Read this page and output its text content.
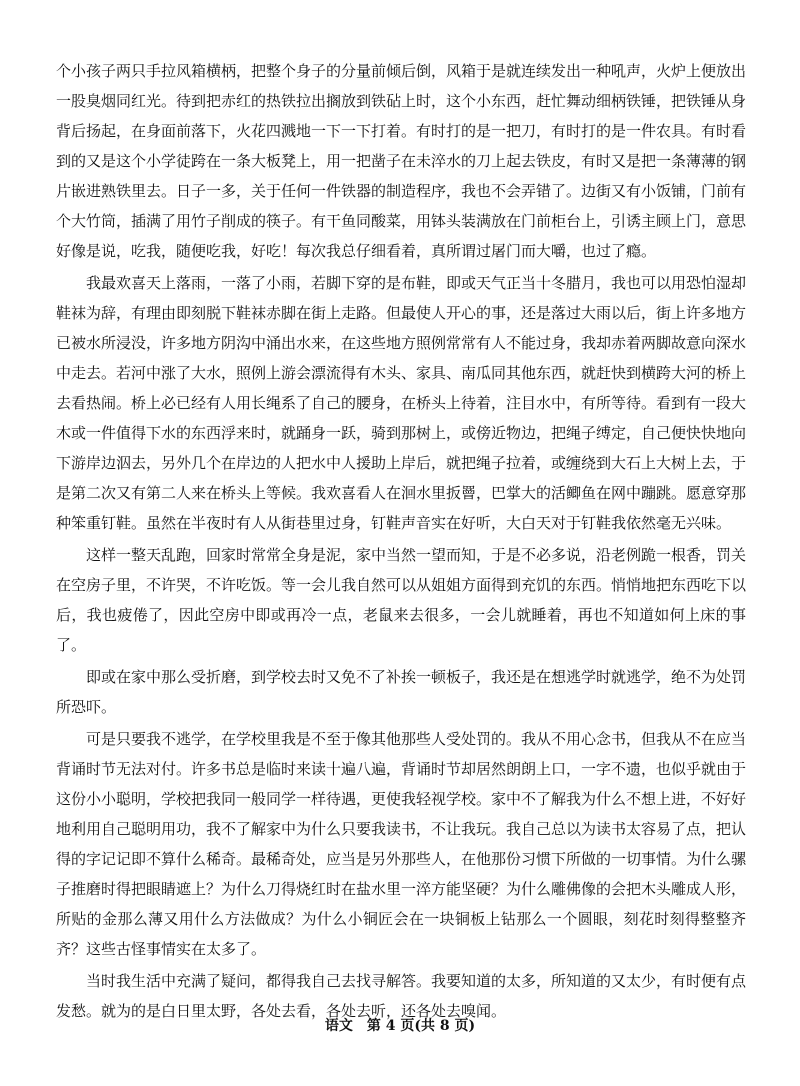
个小孩子两只手拉风箱横柄，把整个身子的分量前倾后倒，风箱于是就连续发出一种吼声，火炉上便放出一股臭烟同红光。待到把赤红的热铁拉出搁放到铁砧上时，这个小东西，赶忙舞动细柄铁锤，把铁锤从身背后扬起，在身面前落下，火花四溅地一下一下打着。有时打的是一把刀，有时打的是一件农具。有时看到的又是这个小学徒跨在一条大板凳上，用一把凿子在未淬水的刀上起去铁皮，有时又是把一条薄薄的钢片嵌进熟铁里去。日子一多，关于任何一件铁器的制造程序，我也不会弄错了。边街又有小饭铺，门前有个大竹筒，插满了用竹子削成的筷子。有干鱼同酸菜，用钵头装满放在门前柜台上，引诱主顾上门，意思好像是说，吃我，随便吃我，好吃！每次我总仔细看着，真所谓过屠门而大嚼，也过了瘾。

我最欢喜天上落雨，一落了小雨，若脚下穿的是布鞋，即或天气正当十冬腊月，我也可以用恐怕湿却鞋袜为辞，有理由即刻脱下鞋袜赤脚在街上走路。但最使人开心的事，还是落过大雨以后，街上许多地方已被水所浸没，许多地方阴沟中涌出水来，在这些地方照例常常有人不能过身，我却赤着两脚故意向深水中走去。若河中涨了大水，照例上游会漂流得有木头、家具、南瓜同其他东西，就赶快到横跨大河的桥上去看热闹。桥上必已经有人用长绳系了自己的腰身，在桥头上待着，注目水中，有所等待。看到有一段大木或一件值得下水的东西浮来时，就踊身一跃，骑到那树上，或傍近物边，把绳子缚定，自己便快快地向下游岸边泅去，另外几个在岸边的人把水中人援助上岸后，就把绳子拉着，或缠绕到大石上大树上去，于是第二次又有第二人来在桥头上等候。我欢喜看人在洄水里扳罾，巴掌大的活鲫鱼在网中蹦跳。愿意穿那种笨重钉鞋。虽然在半夜时有人从街巷里过身，钉鞋声音实在好听，大白天对于钉鞋我依然毫无兴味。

这样一整天乱跑，回家时常常全身是泥，家中当然一望而知，于是不必多说，沿老例跪一根香，罚关在空房子里，不许哭，不许吃饭。等一会儿我自然可以从姐姐方面得到充饥的东西。悄悄地把东西吃下以后，我也疲倦了，因此空房中即或再冷一点，老鼠来去很多，一会儿就睡着，再也不知道如何上床的事了。

即或在家中那么受折磨，到学校去时又免不了补挨一顿板子，我还是在想逃学时就逃学，绝不为处罚所恐吓。

可是只要我不逃学，在学校里我是不至于像其他那些人受处罚的。我从不用心念书，但我从不在应当背诵时节无法对付。许多书总是临时来读十遍八遍，背诵时节却居然朗朗上口，一字不遗，也似乎就由于这份小小聪明，学校把我同一般同学一样待遇，更使我轻视学校。家中不了解我为什么不想上进，不好好地利用自己聪明用功，我不了解家中为什么只要我读书，不让我玩。我自己总以为读书太容易了点，把认得的字记记即不算什么稀奇。最稀奇处，应当是另外那些人，在他那份习惯下所做的一切事情。为什么骡子推磨时得把眼睛遮上？为什么刀得烧红时在盐水里一淬方能坚硬？为什么雕佛像的会把木头雕成人形，所贴的金那么薄又用什么方法做成？为什么小铜匠会在一块铜板上钻那么一个圆眼，刻花时刻得整整齐齐？这些古怪事情实在太多了。

当时我生活中充满了疑问，都得我自己去找寻解答。我要知道的太多，所知道的又太少，有时便有点发愁。就为的是白日里太野，各处去看，各处去听，还各处去嗅闻。

语文　第 4 页(共 8 页)
